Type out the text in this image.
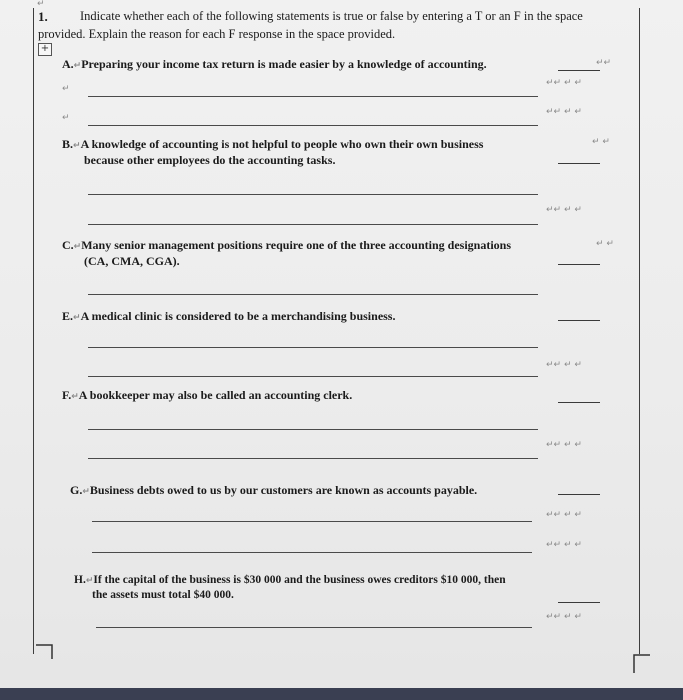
↵
1.	Indicate whether each of the following statements is true or false by entering a T or an F in the space
provided. Explain the reason for each F response in the space provided.
+
A.↵Preparing your income tax return is made easier by a knowledge of accounting.
↵
↵
B.↵A knowledge of accounting is not helpful to people who own their own business
because other employees do the accounting tasks.
C.↵Many senior management positions require one of the three accounting designations
(CA, CMA, CGA).
E.↵A medical clinic is considered to be a merchandising business.
F.↵A bookkeeper may also be called an accounting clerk.
G.↵Business debts owed to us by our customers are known as accounts payable.
H.↵If the capital of the business is $30 000 and the business owes creditors $10 000, then
the assets must total $40 000.
↵↵
↵↵ ↵ ↵
↵↵ ↵ ↵
↵ ↵
↵↵ ↵ ↵
↵ ↵
↵↵ ↵ ↵
↵↵ ↵ ↵
↵↵ ↵ ↵
↵↵ ↵ ↵
↵↵ ↵ ↵
